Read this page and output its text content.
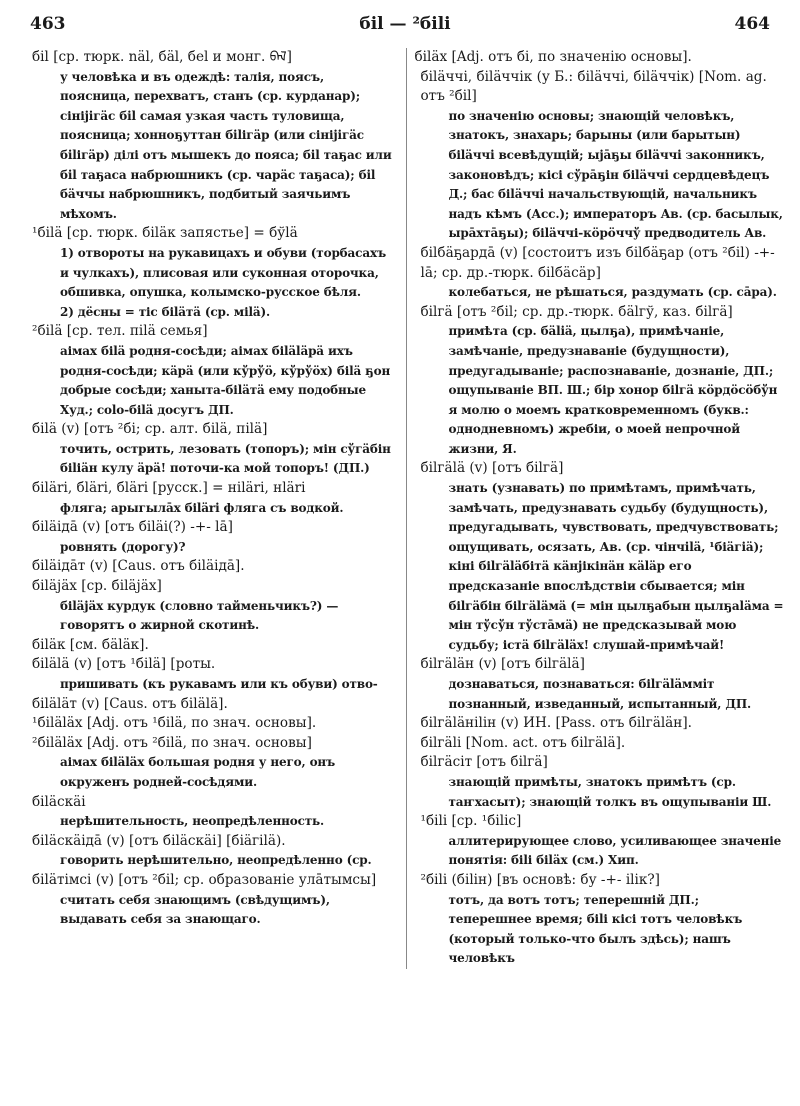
463	бil — ²біlі	464
бil [ср. тюрк. näl, бäl, бel и монг. ᠪᠡᠯ]
у человѣка и въ одеждѣ: талія, поясъ, поясница, перехватъ, станъ (ср. курданар); сініjiгäс бil самая узкая часть туловища, поясница; хонноҕуттан бilігäр (или сініjiгäс бilігäр) ділі отъ мышекъ до пояса; бil таҕас или бil таҕаса набрюшникъ (ср. чарäс таҕаса); бil бäччы набрюшникъ, подбитый заячьимъ мѣхомъ.
¹біlä [ср. тюрк. біläк запястье] = бўlä
1) отвороты на рукавицахъ и обуви (торбасахъ и чулкахъ), плисовая или суконная оторочка, обшивка, опушка, колымско-русское бѣля.
2) дёсны = тіс біläтä (ср. міlä).
²біlä [ср. тел. пilä семья]
аімах біlä родня-сосѣди; аімах біläläрä ихъ родня-сосѣди; кäрä (или кўрўö, кўрўöх) біlä ҕон добрые сосѣди; ханыта-біläтä ему подобные Худ.; соlо-біlä досугъ ДП.
біlä (v) [отъ ²бі; ср. алт. біlä, пilä]
точить, острить, лезовать (топоръ); мін сўгäбін біlіäн кулу äрä! поточи-ка мой топоръ! (ДП.)
біläri, бläri, бläri [русск.] = нiläri, нläri
фляга; арыгылāх біläri фляга съ водкой.
біläiдā (v) [отъ біläi(?) -+- lā]
ровнять (дорогу)?
біläiдāт (v) [Caus. отъ біläiдā].
біläjäх [ср. біläjäх]
біläjäх курдук (словно тайменьчикъ?) — говорятъ о жирной скотинѣ.
біläк [см. бäläк].
біlälä (v) [отъ ¹біlä] [роты.
пришивать (къ рукавамъ или къ обуви) отво-
біläläт (v) [Caus. отъ біlälä].
¹біläläх [Adj. отъ ¹біlä, по знач. основы].
²біläläх [Adj. отъ ²біlä, по знач. основы]
аімах біläläх большая родня у него, онъ окруженъ родней-сосѣдями.
біläскäi
нерѣшительность, неопредѣленность.
біläскäiдā (v) [отъ біläскäi] [біäгilä).
говорить нерѣшительно, неопредѣленно (ср.
біläтімсi (v) [отъ ²бil; ср. образованіе улāтымсы]
считать себя знающимъ (свѣдущимъ), выдавать себя за знающаго.
біläх [Adj. отъ бі, по значенію основы].
біläччi, біläччік (у Б.: біläччi, біläччік) [Nom. ag. отъ ²бil]
по значенію основы; знающій человѣкъ, знатокъ, знахарь; барыны (или барытын) біläччi всевѣдущій; ыjāҕы біläччi законникъ, законовѣдъ; кісі сўрāҕін біläччi сердцевѣдецъ Д.; бас біläччi начальствующій, начальникъ надъ кѣмъ (Асс.); императоръ Ав. (ср. басылык, ырāхтāҕы); біläччі-кöрöччў предводитель Ав.
біlбäҕардā (v) [состоитъ изъ біlбäҕар (отъ ²бil) -+- lā; ср. др.-тюрк. біlбäсäр]
колебаться, не рѣшаться, раздумать (ср. сāра).
біlгä [отъ ²бil; ср. др.-тюрк. бälгў, каз. біlгä]
примѣта (ср. бäliä, цылҕа), примѣчаніе, замѣчаніе, предузнаваніе (будущности), предугадываніе; распознаваніе, дознаніе, ДП.; ощупываніе ВП. Ш.; бір хонор біlгä кöрдöсöбўн я молю о моемъ кратковременномъ (букв.: однодневномъ) жребіи, о моей непрочной жизни, Я.
біlгälä (v) [отъ біlгä]
знать (узнавать) по примѣтамъ, примѣчать, замѣчать, предузнавать судьбу (будущность), предугадывать, чувствовать, предчувствовать; ощущивать, осязать, Ав. (ср. чінчilä, ¹біäгiä); кіні біlгäläбітä кäнjікінäн кäläр его предсказаніе впослѣдствіи сбывается; мін біlгäбін біlгäläмä (= мін цылҕабын цылҕаläма = мін тўсўн тўстāмä) не предсказывай мою судьбу; істä біlгäläх! слушай-примѣчай!
біlгäläн (v) [отъ біlгälä]
дознаваться, познаваться: біlгäläммiт познанный, изведанный, испытанный, ДП.
біlгäläніlін (v) ИН. [Pass. отъ біlгäläн].
біlгälі [Nom. act. отъ біlгälä].
біlгäсіт [отъ біlгä]
знающій примѣты, знатокъ примѣтъ (ср. таҥхасыт); знающій толкъ въ ощупываніи Ш.
¹біlі [ср. ¹біlіс]
аллитерирующее слово, усиливающее значеніе понятія: біlі біläх (см.) Хип.
²біlі (біlін) [въ основѣ: бу -+- ilік?]
тотъ, да вотъ тотъ; теперешній ДП.; теперешнее время; біlі кісі тотъ человѣкъ (который только-что былъ здѣсь); нашъ человѣкъ
